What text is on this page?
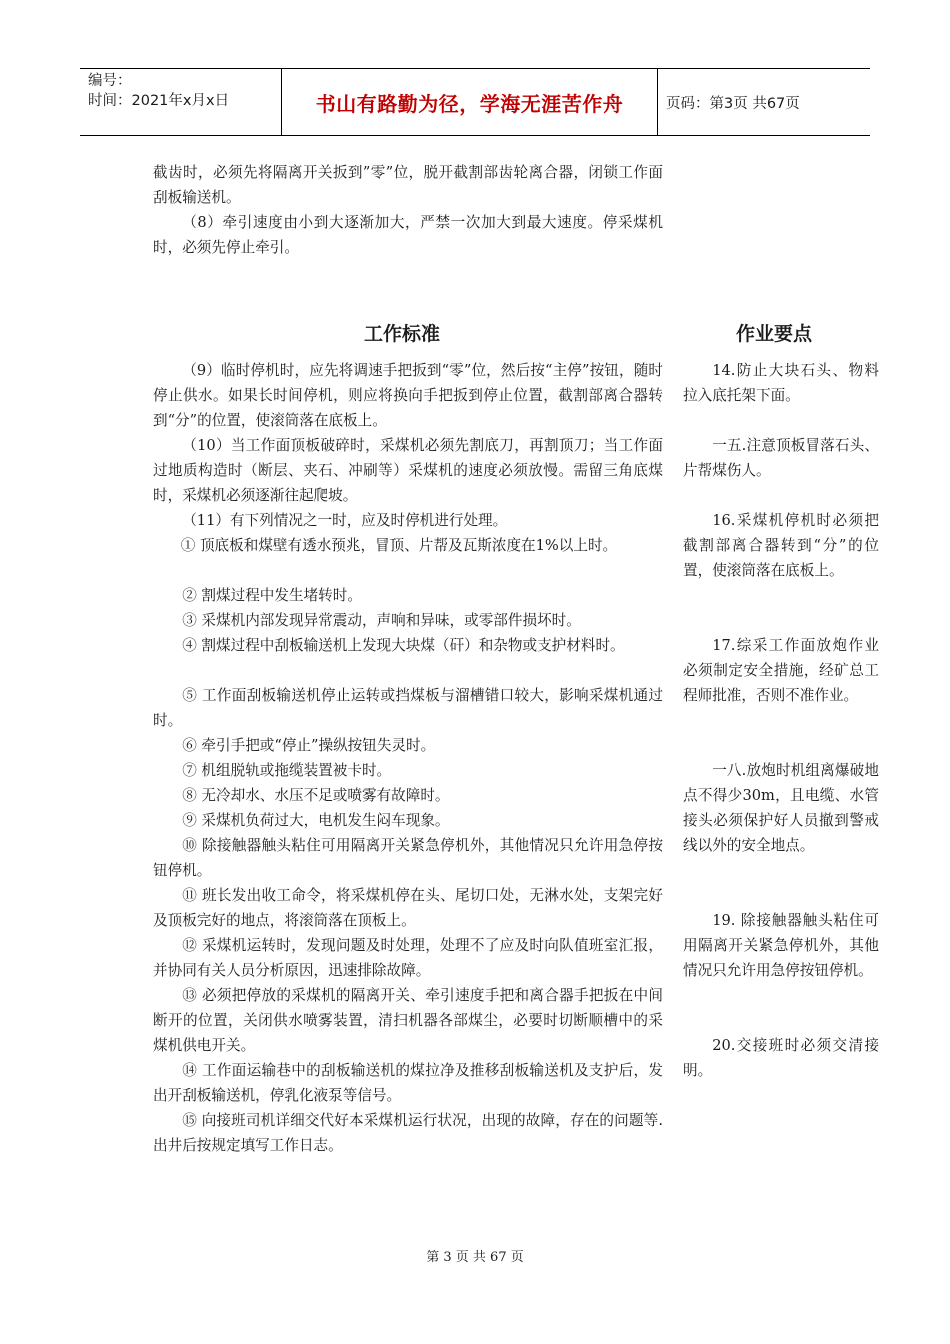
编号：
时间：2021年x月x日	书山有路勤为径，学海无涯苦作舟	页码：第3页 共67页

截齿时，必须先将隔离开关扳到”零”位，脱开截割部齿轮离合器，闭锁工作面刮板输送机。

（8）牵引速度由小到大逐渐加大，严禁一次加大到最大速度。停采煤机时，必须先停止牵引。

工作标准	作业要点

（9）临时停机时，应先将调速手把扳到“零”位，然后按“主停”按钮，随时停止供水。如果长时间停机，则应将换向手把扳到停止位置，截割部离合器转到“分”的位置，使滚筒落在底板上。

（10）当工作面顶板破碎时，采煤机必须先割底刀，再割顶刀；当工作面过地质构造时（断层、夹石、冲刷等）采煤机的速度必须放慢。需留三角底煤时，采煤机必须逐渐往起爬坡。

（11）有下列情况之一时，应及时停机进行处理。

① 顶底板和煤壁有透水预兆，冒顶、片帮及瓦斯浓度在1%以上时。

② 割煤过程中发生堵转时。

③ 采煤机内部发现异常震动，声响和异味，或零部件损坏时。

④ 割煤过程中刮板输送机上发现大块煤（矸）和杂物或支护材料时。

⑤ 工作面刮板输送机停止运转或挡煤板与溜槽错口较大，影响采煤机通过时。

⑥ 牵引手把或“停止”操纵按钮失灵时。

⑦ 机组脱轨或拖缆装置被卡时。

⑧ 无冷却水、水压不足或喷雾有故障时。

⑨ 采煤机负荷过大，电机发生闷车现象。

⑩ 除接触器触头粘住可用隔离开关紧急停机外，其他情况只允许用急停按钮停机。

⑪ 班长发出收工命令，将采煤机停在头、尾切口处，无淋水处，支架完好及顶板完好的地点，将滚筒落在顶板上。

⑫ 采煤机运转时，发现问题及时处理，处理不了应及时向队值班室汇报，并协同有关人员分析原因，迅速排除故障。

⑬ 必须把停放的采煤机的隔离开关、牵引速度手把和离合器手把扳在中间断开的位置，关闭供水喷雾装置，清扫机器各部煤尘，必要时切断顺槽中的采煤机供电开关。

⑭ 工作面运输巷中的刮板输送机的煤拉净及推移刮板输送机及支护后，发出开刮板输送机，停乳化液泵等信号。

⑮ 向接班司机详细交代好本采煤机运行状况，出现的故障，存在的问题等.出井后按规定填写工作日志。

14.防止大块石头、物料拉入底托架下面。

一五.注意顶板冒落石头、片帮煤伤人。

16.采煤机停机时必须把截割部离合器转到“分”的位置，使滚筒落在底板上。

17.综采工作面放炮作业必须制定安全措施，经矿总工程师批准，否则不准作业。

一八.放炮时机组离爆破地点不得少30m，且电缆、水管接头必须保护好人员撤到警戒线以外的安全地点。

19. 除接触器触头粘住可用隔离开关紧急停机外，其他情况只允许用急停按钮停机。

20.交接班时必须交清接明。

第 3 页 共 67 页
